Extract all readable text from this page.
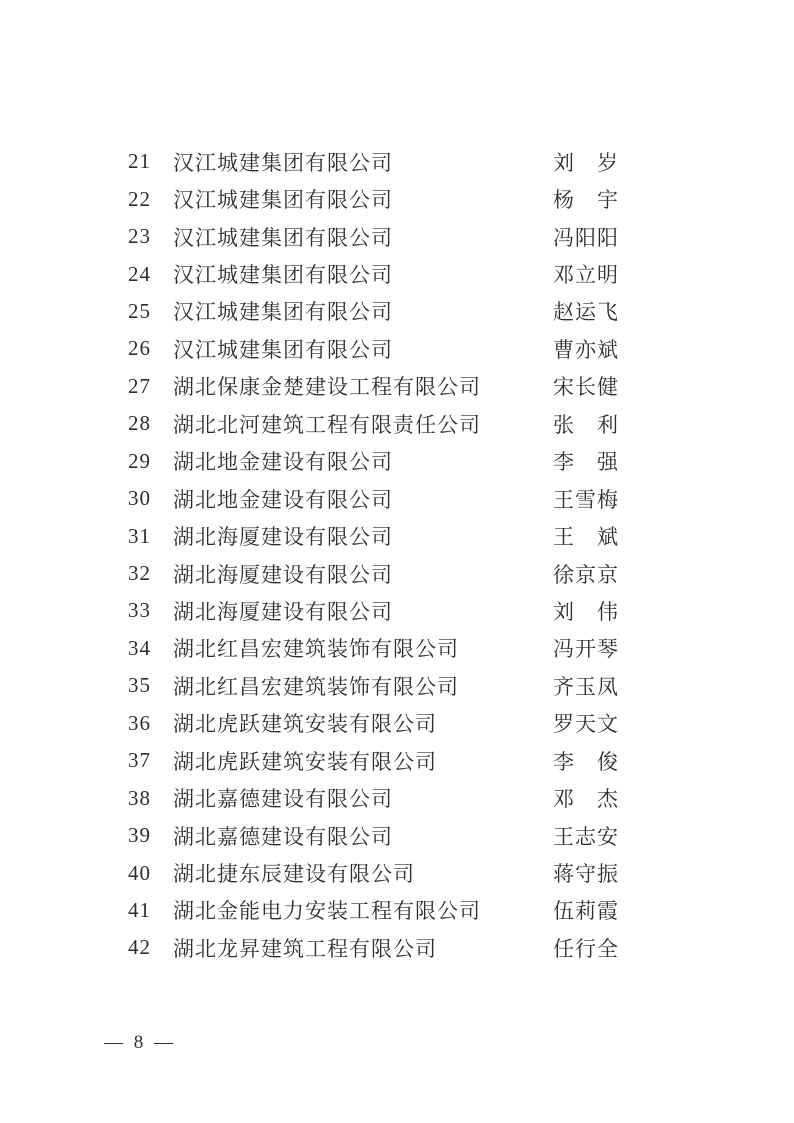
21	汉江城建集团有限公司	刘　岁
22	汉江城建集团有限公司	杨　宇
23	汉江城建集团有限公司	冯阳阳
24	汉江城建集团有限公司	邓立明
25	汉江城建集团有限公司	赵运飞
26	汉江城建集团有限公司	曹亦斌
27	湖北保康金楚建设工程有限公司	宋长健
28	湖北北河建筑工程有限责任公司	张　利
29	湖北地金建设有限公司	李　强
30	湖北地金建设有限公司	王雪梅
31	湖北海厦建设有限公司	王　斌
32	湖北海厦建设有限公司	徐京京
33	湖北海厦建设有限公司	刘　伟
34	湖北红昌宏建筑装饰有限公司	冯开琴
35	湖北红昌宏建筑装饰有限公司	齐玉凤
36	湖北虎跃建筑安装有限公司	罗天文
37	湖北虎跃建筑安装有限公司	李　俊
38	湖北嘉德建设有限公司	邓　杰
39	湖北嘉德建设有限公司	王志安
40	湖北捷东辰建设有限公司	蒋守振
41	湖北金能电力安装工程有限公司	伍莉霞
42	湖北龙昇建筑工程有限公司	任行全
— 8 —
